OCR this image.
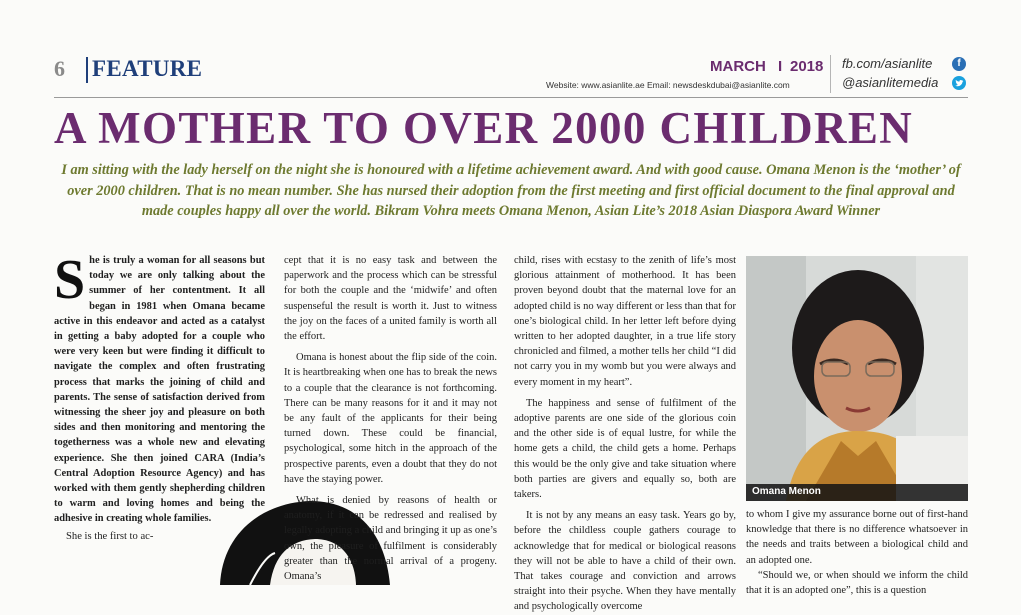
6 FEATURE	MARCH I 2018
Website: www.asianlite.ae Email: newsdeskdubai@asianlite.com
fb.com/asianlite
@asianlitemedia
f
A MOTHER TO OVER 2000 CHILDREN
I am sitting with the lady herself on the night she is honoured with a lifetime achievement award. And with good cause. Omana Menon is the ‘mother’ of over 2000 children. That is no mean number. She has nursed their adoption from the first meeting and first official document to the final approval and made couples happy all over the world. Bikram Vohra meets Omana Menon, Asian Lite’s 2018 Asian Diaspora Award Winner
S he is truly a woman for all seasons but today we are only talking about the summer of her contentment. It all began in 1981 when Omana became active in this endeavor and acted as a catalyst in getting a baby adopted for a couple who were very keen but were finding it difficult to navigate the complex and often frustrating process that marks the joining of child and parents. The sense of satisfaction derived from witnessing the sheer joy and pleasure on both sides and then monitoring and mentoring the togetherness was a whole new and elevating experience. She then joined CARA (India’s Central Adoption Resource Agency) and has worked with them gently shepherding children to warm and loving homes and being the adhesive in creating whole families.

She is the first to ac-

cept that it is no easy task and between the paperwork and the process which can be stressful for both the couple and the ‘midwife’ and often suspenseful the result is worth it. Just to witness the joy on the faces of a united family is worth all the effort.

Omana is honest about the flip side of the coin. It is heartbreaking when one has to break the news to a couple that the clearance is not forthcoming. There can be many reasons for it and it may not be any fault of the applicants for their being turned down. These could be financial, psychological, some hitch in the approach of the prospective parents, even a doubt that they do not have the staying power.

What is denied by reasons of health or anatomy, if it can be redressed and realised by legally adopting a child and bringing it up as one’s own, the pleasure of fulfilment is considerably greater than the normal arrival of a progeny. Omana’s

child, rises with ecstasy to the zenith of life’s most glorious attainment of motherhood. It has been proven beyond doubt that the maternal love for an adopted child is no way different or less than that for one’s biological child. In her letter left before dying written to her adopted daughter, in a true life story chronicled and filmed, a mother tells her child “I did not carry you in my womb but you were always and every moment in my heart”.

The happiness and sense of fulfilment of the adoptive parents are one side of the glorious coin and the other side is of equal lustre, for while the home gets a child, the child gets a home. Perhaps this would be the only give and take situation where both parties are givers and equally so, both are takers.

It is not by any means an easy task. Years go by, before the childless couple gathers courage to acknowledge that for medical or biological reasons they will not be able to have a child of their own. That takes courage and conviction and arrows straight into their psyche. When they have mentally and psychologically overcome

Omana Menon

to whom I give my assurance borne out of first-hand knowledge that there is no difference whatsoever in the needs and traits between a biological child and an adopted one.

“Should we, or when should we inform the child that it is an adopted one”, this is a question
